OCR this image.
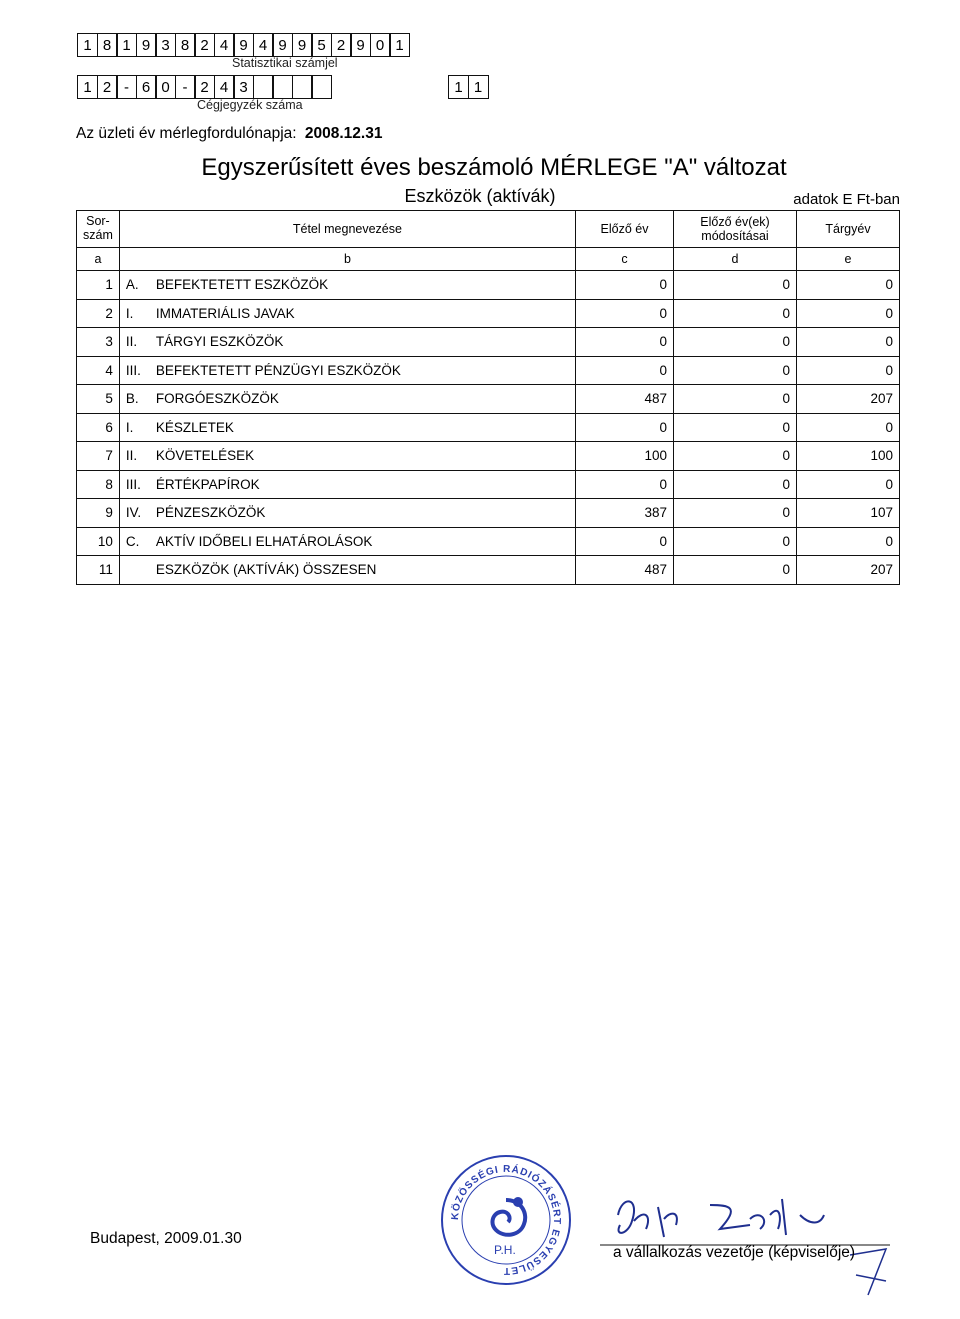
1 8 1 9 3 8 2 4 9 4 9 9 5 2 9 0 1
Statisztikai számjel
1 2 - 6 0 - 2 4 3	1 1
Cégjegyzék száma
Az üzleti év mérlegfordulónapja: 2008.12.31
Egyszerűsített éves beszámoló MÉRLEGE "A" változat
Eszközök (aktívák)	adatok E Ft-ban
Sor-szám	Tétel megnevezése		Előző év	Előző év(ek) módosításai	Tárgyév
a	b		c	d	e
1	A.	BEFEKTETETT ESZKÖZÖK	0	0	0
2	I.	IMMATERIÁLIS JAVAK	0	0	0
3	II.	TÁRGYI ESZKÖZÖK	0	0	0
4	III.	BEFEKTETETT PÉNZÜGYI ESZKÖZÖK	0	0	0
5	B.	FORGÓESZKÖZÖK	487	0	207
6	I.	KÉSZLETEK	0	0	0
7	II.	KÖVETELÉSEK	100	0	100
8	III.	ÉRTÉKPAPÍROK	0	0	0
9	IV.	PÉNZESZKÖZÖK	387	0	107
10	C.	AKTÍV IDŐBELI ELHATÁROLÁSOK	0	0	0
11		ESZKÖZÖK (AKTÍVÁK) ÖSSZESEN	487	0	207
Budapest, 2009.01.30
P.H.
KÖZÖSSÉGI RÁDIÓZÁSÉRT EGYESÜLET
a vállalkozás vezetője (képviselője)
